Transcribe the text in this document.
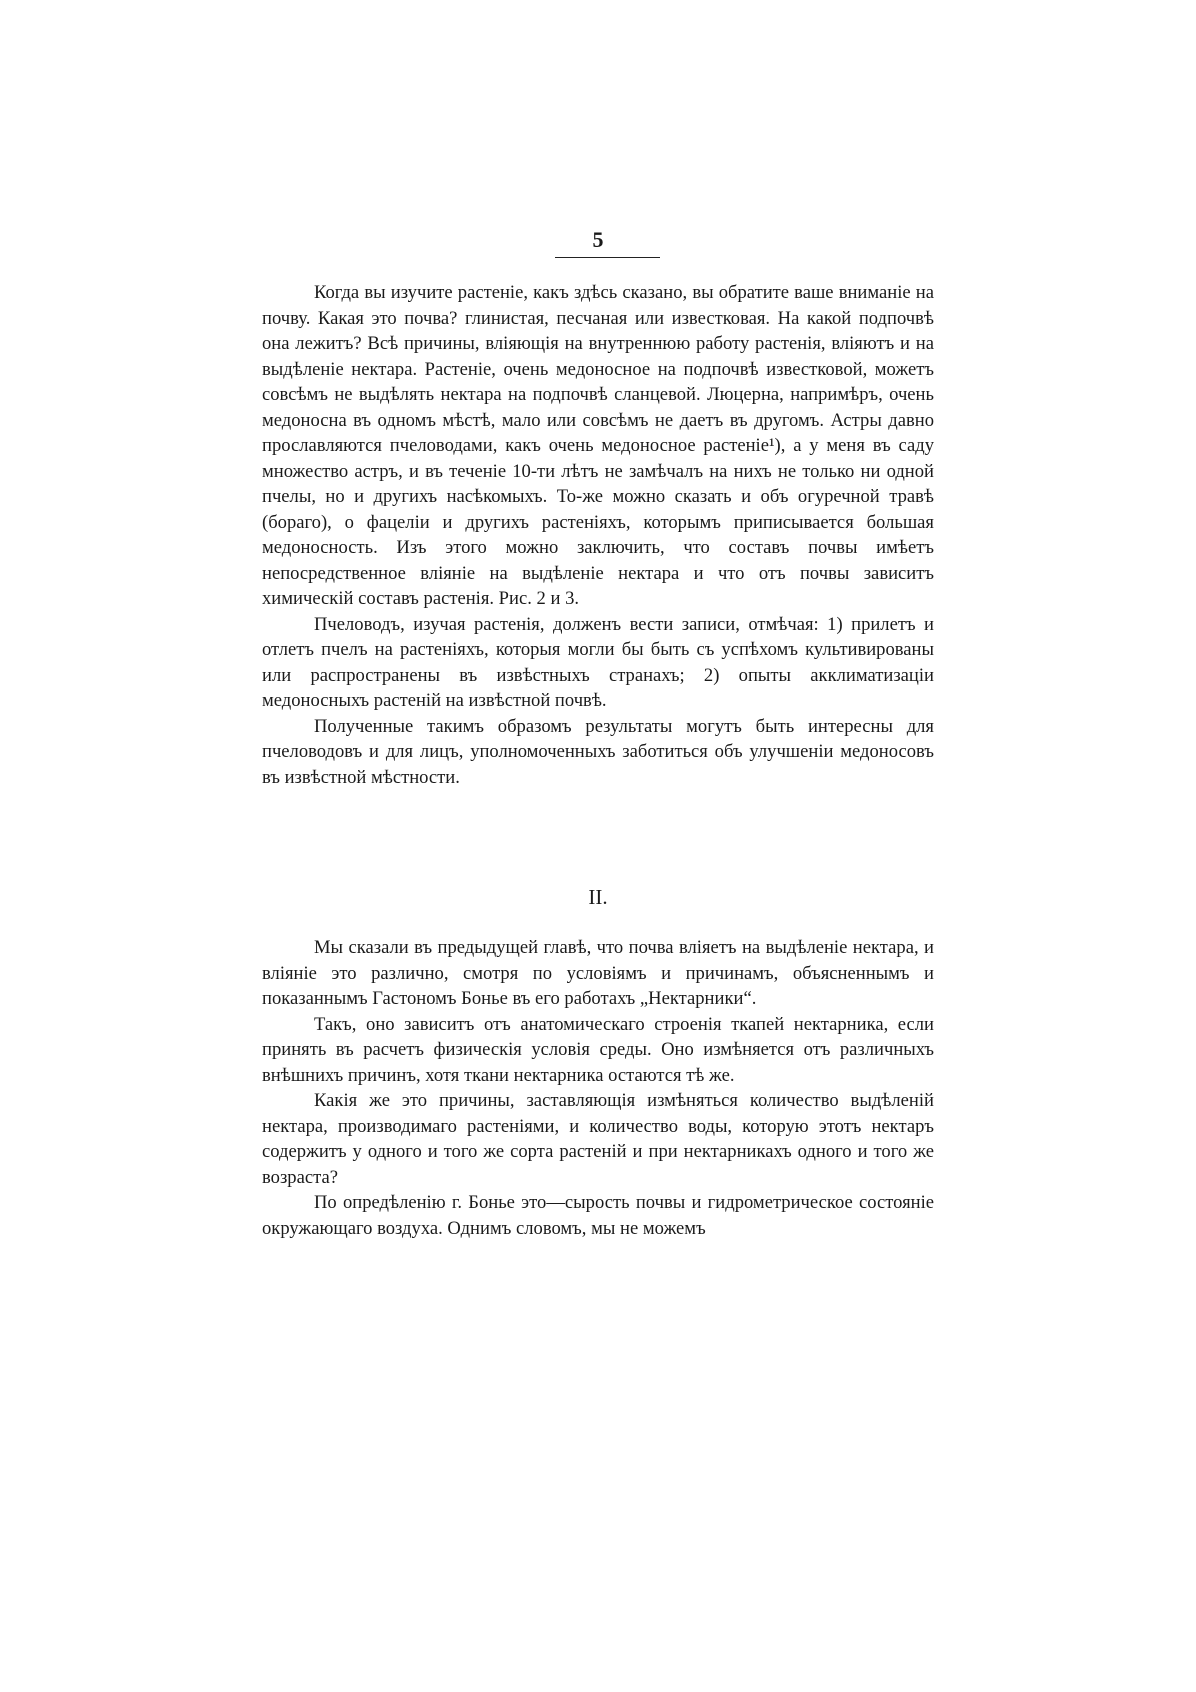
5

Когда вы изучите растеніе, какъ здѣсь сказано, вы обратите ваше вниманіе на почву. Какая это почва? глинистая, песчаная или известковая. На какой подпочвѣ она лежитъ? Всѣ причины, вліяющія на внутреннюю работу растенія, вліяютъ и на выдѣленіе нектара. Растеніе, очень медоносное на подпочвѣ известковой, можетъ совсѣмъ не выдѣлять нектара на подпочвѣ сланцевой. Люцерна, напримѣръ, очень медоносна въ одномъ мѣстѣ, мало или совсѣмъ не даетъ въ другомъ. Астры давно прославляются пчеловодами, какъ очень медоносное растеніе¹), а у меня въ саду множество астръ, и въ теченіе 10-ти лѣтъ не замѣчалъ на нихъ не только ни одной пчелы, но и другихъ насѣкомыхъ. То-же можно сказать и объ огуречной травѣ (бораго), о фацеліи и другихъ растеніяхъ, которымъ приписывается большая медоносность. Изъ этого можно заключить, что составъ почвы имѣетъ непосредственное вліяніе на выдѣленіе нектара и что отъ почвы зависитъ химическій составъ растенія. Рис. 2 и 3.

Пчеловодъ, изучая растенія, долженъ вести записи, отмѣчая: 1) прилетъ и отлетъ пчелъ на растеніяхъ, которыя могли бы быть съ успѣхомъ культивированы или распространены въ извѣстныхъ странахъ; 2) опыты акклиматизаціи медоносныхъ растеній на извѣстной почвѣ.

Полученные такимъ образомъ результаты могутъ быть интересны для пчеловодовъ и для лицъ, уполномоченныхъ заботиться объ улучшеніи медоносовъ въ извѣстной мѣстности.

II.

Мы сказали въ предыдущей главѣ, что почва вліяетъ на выдѣленіе нектара, и вліяніе это различно, смотря по условіямъ и причинамъ, объясненнымъ и показаннымъ Гастономъ Бонье въ его работахъ „Нектарники“.

Такъ, оно зависитъ отъ анатомическаго строенія ткапей нектарника, если принять въ расчетъ физическія условія среды. Оно измѣняется отъ различныхъ внѣшнихъ причинъ, хотя ткани нектарника остаются тѣ же.

Какія же это причины, заставляющія измѣняться количество выдѣленій нектара, производимаго растеніями, и количество воды, которую этотъ нектаръ содержитъ у одного и того же сорта растеній и при нектарникахъ одного и того же возраста?

По опредѣленію г. Бонье это—сырость почвы и гидрометрическое состояніе окружающаго воздуха. Однимъ словомъ, мы не можемъ
